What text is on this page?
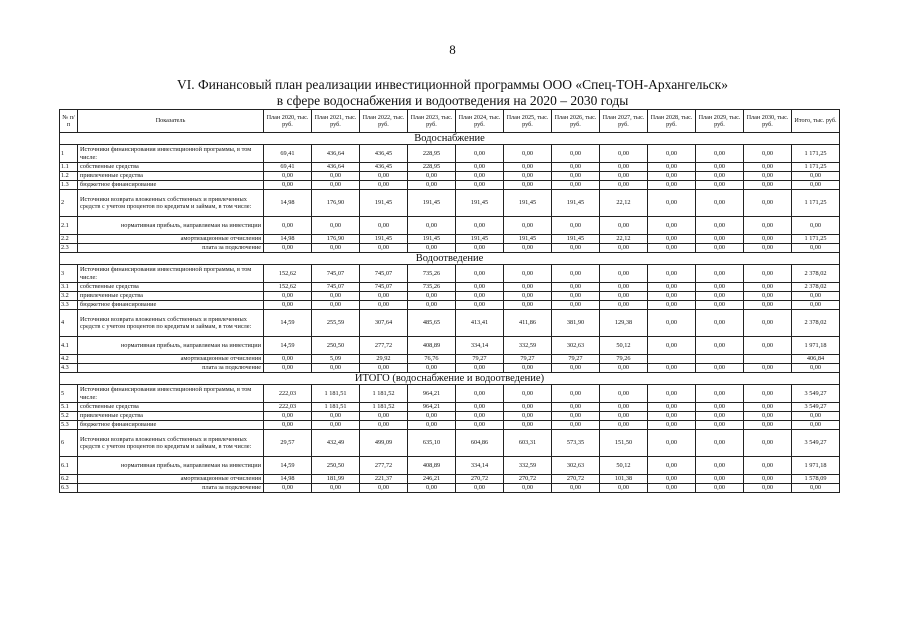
8
VI. Финансовый план реализации инвестиционной программы ООО «Спец-ТОН-Архангельск»
в сфере водоснабжения и водоотведения на 2020 – 2030 годы
№ п/п	Показатель	План 2020, тыс. руб.	План 2021, тыс. руб.	План 2022, тыс. руб.	План 2023, тыс. руб.	План 2024, тыс. руб.	План 2025, тыс. руб.	План 2026, тыс. руб.	План 2027, тыс. руб.	План 2028, тыс. руб.	План 2029, тыс. руб.	План 2030, тыс. руб.	Итого, тыс. руб.
Водоснабжение													
1	Источники финансирования инвестиционной программы, в том числе:	69,41	436,64	436,45	228,95	0,00	0,00	0,00	0,00	0,00	0,00	0,00	1 171,25
1.1	собственные средства	69,41	436,64	436,45	228,95	0,00	0,00	0,00	0,00	0,00	0,00	0,00	1 171,25
1.2	привлеченные средства	0,00	0,00	0,00	0,00	0,00	0,00	0,00	0,00	0,00	0,00	0,00	0,00
1.3	бюджетное финансирование	0,00	0,00	0,00	0,00	0,00	0,00	0,00	0,00	0,00	0,00	0,00	0,00
2	Источники возврата вложенных собственных и привлеченных средств с учетом процентов по кредитам и займам, в том числе:	14,98	176,90	191,45	191,45	191,45	191,45	191,45	22,12	0,00	0,00	0,00	1 171,25
2.1	нормативная прибыль, направляемая на инвестиции	0,00	0,00	0,00	0,00	0,00	0,00	0,00	0,00	0,00	0,00	0,00	0,00
2.2	амортизационные отчисления	14,98	176,90	191,45	191,45	191,45	191,45	191,45	22,12	0,00	0,00	0,00	1 171,25
2.3	плата за подключение	0,00	0,00	0,00	0,00	0,00	0,00	0,00	0,00	0,00	0,00	0,00	0,00
Водоотведение													
3	Источники финансирования инвестиционной программы, в том числе:	152,62	745,07	745,07	735,26	0,00	0,00	0,00	0,00	0,00	0,00	0,00	2 378,02
3.1	собственные средства	152,62	745,07	745,07	735,26	0,00	0,00	0,00	0,00	0,00	0,00	0,00	2 378,02
3.2	привлеченные средства	0,00	0,00	0,00	0,00	0,00	0,00	0,00	0,00	0,00	0,00	0,00	0,00
3.3	бюджетное финансирование	0,00	0,00	0,00	0,00	0,00	0,00	0,00	0,00	0,00	0,00	0,00	0,00
4	Источники возврата вложенных собственных и привлеченных средств с учетом процентов по кредитам и займам, в том числе:	14,59	255,59	307,64	485,65	413,41	411,86	381,90	129,38	0,00	0,00	0,00	2 378,02
4.1	нормативная прибыль, направляемая на инвестиции	14,59	250,50	277,72	408,89	334,14	332,59	302,63	50,12	0,00	0,00	0,00	1 971,18
4.2	амортизационные отчисления	0,00	5,09	29,92	76,76	79,27	79,27	79,27	79,26				406,84
4.3	плата за подключение	0,00	0,00	0,00	0,00	0,00	0,00	0,00	0,00	0,00	0,00	0,00	0,00
ИТОГО (водоснабжение и водоотведение)													
5	Источники финансирования инвестиционной программы, в том числе:	222,03	1 181,51	1 181,52	964,21	0,00	0,00	0,00	0,00	0,00	0,00	0,00	3 549,27
5.1	собственные средства	222,03	1 181,51	1 181,52	964,21	0,00	0,00	0,00	0,00	0,00	0,00	0,00	3 549,27
5.2	привлеченные средства	0,00	0,00	0,00	0,00	0,00	0,00	0,00	0,00	0,00	0,00	0,00	0,00
5.3	бюджетное финансирование	0,00	0,00	0,00	0,00	0,00	0,00	0,00	0,00	0,00	0,00	0,00	0,00
6	Источники возврата вложенных собственных и привлеченных средств с учетом процентов по кредитам и займам, в том числе:	29,57	432,49	499,09	635,10	604,86	603,31	573,35	151,50	0,00	0,00	0,00	3 549,27
6.1	нормативная прибыль, направляемая на инвестиции	14,59	250,50	277,72	408,89	334,14	332,59	302,63	50,12	0,00	0,00	0,00	1 971,18
6.2	амортизационные отчисления	14,98	181,99	221,37	246,21	270,72	270,72	270,72	101,38	0,00	0,00	0,00	1 578,09
6.3	плата за подключение	0,00	0,00	0,00	0,00	0,00	0,00	0,00	0,00	0,00	0,00	0,00	0,00
